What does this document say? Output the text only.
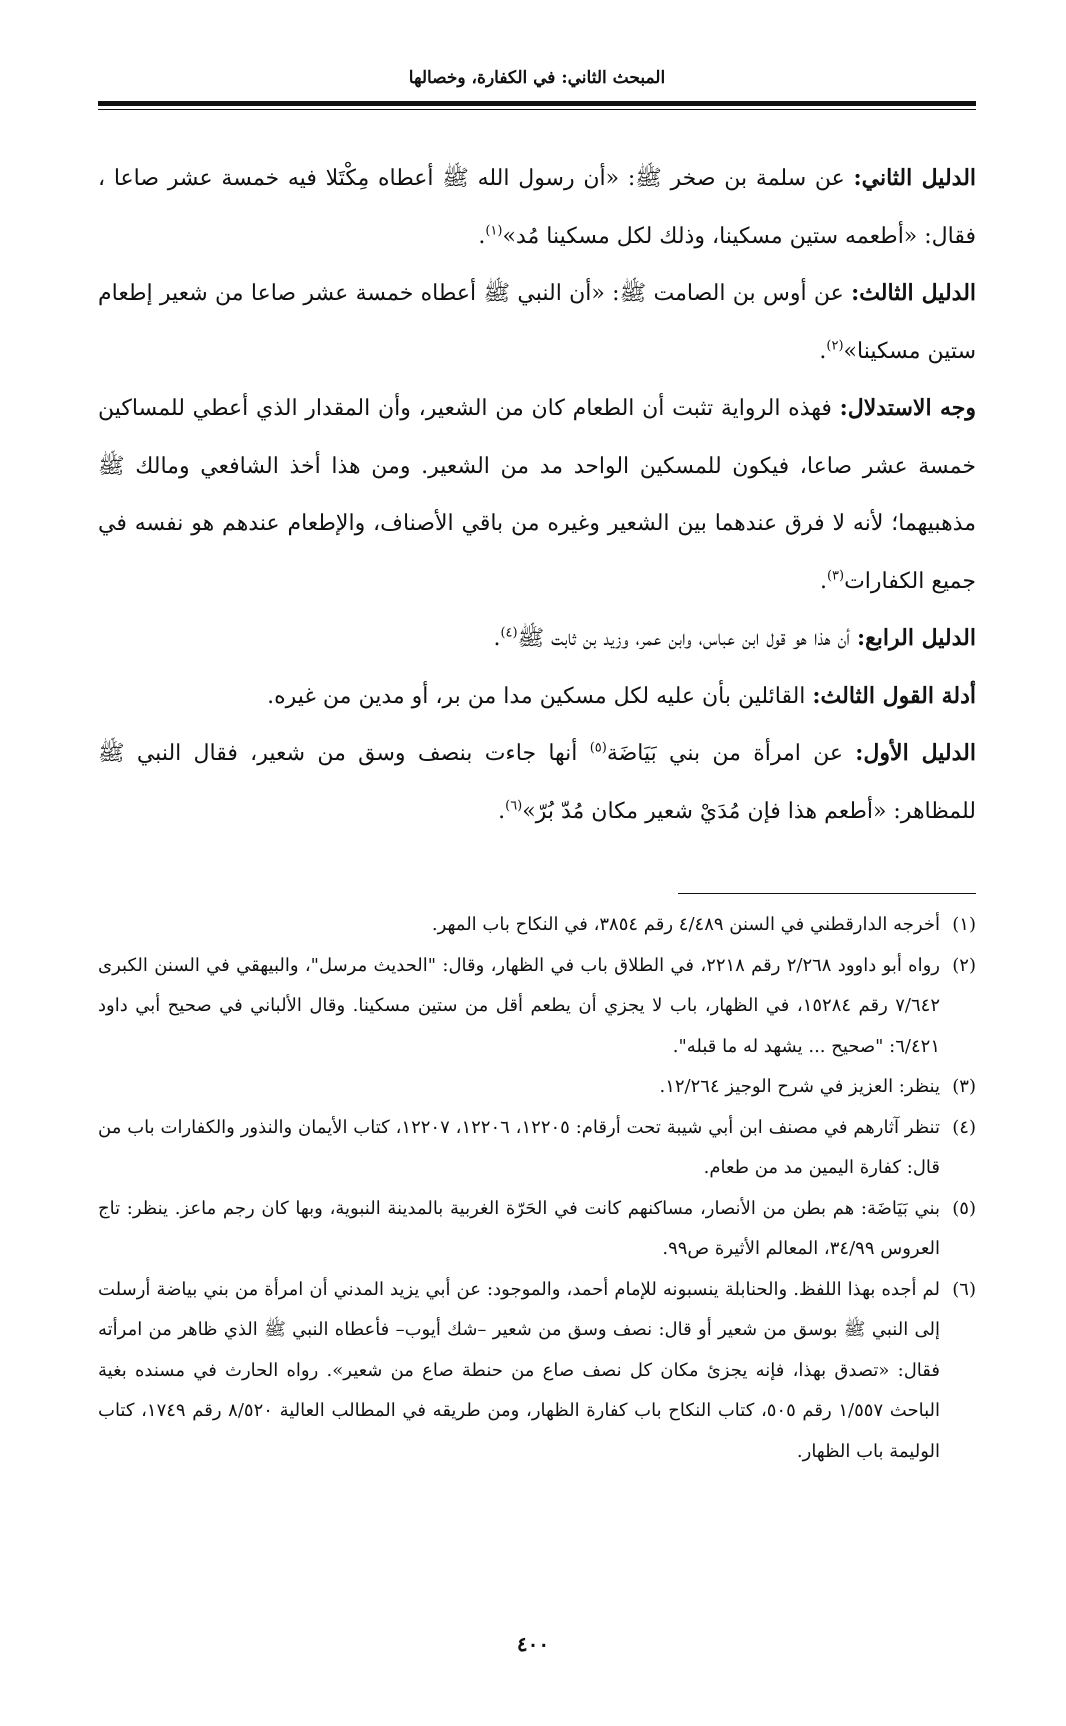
المبحث الثاني: في الكفارة، وخصالها

الدليل الثاني: عن سلمة بن صخر ﷺ: «أن رسول الله ﷺ أعطاه مِكْتَلا فيه خمسة عشر صاعا ، فقال: «أطعمه ستين مسكينا، وذلك لكل مسكينا مُد»$^{(١)}$.

الدليل الثالث: عن أوس بن الصامت ﷺ: «أن النبي ﷺ أعطاه خمسة عشر صاعا من شعير إطعام ستين مسكينا»$^{(٢)}$.

وجه الاستدلال: فهذه الرواية تثبت أن الطعام كان من الشعير، وأن المقدار الذي أعطي للمساكين خمسة عشر صاعا، فيكون للمسكين الواحد مد من الشعير. ومن هذا أخذ الشافعي ومالك ﷺ مذهبيهما؛ لأنه لا فرق عندهما بين الشعير وغيره من باقي الأصناف، والإطعام عندهم هو نفسه في جميع الكفارات$^{(٣)}$.

الدليل الرابع: أن هذا هو قول ابن عباس، وابن عمر، وزيد بن ثابت ﷺ$^{(٤)}$.

أدلة القول الثالث: القائلين بأن عليه لكل مسكين مدا من بر، أو مدين من غيره.

الدليل الأول: عن امرأة من بني بَيَاضَة$^{(٥)}$ أنها جاءت بنصف وسق من شعير، فقال النبي ﷺ للمظاهر: «أطعم هذا فإن مُدَيْ شعير مكان مُدّ بُرّ»$^{(٦)}$.

(١)
أخرجه الدارقطني في السنن ٤/٤٨٩ رقم ٣٨٥٤، في النكاح باب المهر.

(٢)
رواه أبو داوود ٢/٢٦٨ رقم ٢٢١٨، في الطلاق باب في الظهار، وقال: "الحديث مرسل"، والبيهقي في السنن الكبرى ٧/٦٤٢ رقم ١٥٢٨٤، في الظهار، باب لا يجزي أن يطعم أقل من ستين مسكينا. وقال الألباني في صحيح أبي داود ٦/٤٢١: "صحيح ... يشهد له ما قبله".

(٣)
ينظر: العزيز في شرح الوجيز ١٢/٢٦٤.

(٤)
تنظر آثارهم في مصنف ابن أبي شيبة تحت أرقام: ١٢٢٠٥، ١٢٢٠٦، ١٢٢٠٧، كتاب الأيمان والنذور والكفارات باب من قال: كفارة اليمين مد من طعام.

(٥)
بني بَيَاضَة: هم بطن من الأنصار، مساكنهم كانت في الحَرّة الغربية بالمدينة النبوية، وبها كان رجم ماعز. ينظر: تاج العروس ٣٤/٩٩، المعالم الأثيرة ص٩٩.

(٦)
لم أجده بهذا اللفظ. والحنابلة ينسبونه للإمام أحمد، والموجود: عن أبي يزيد المدني أن امرأة من بني بياضة أرسلت إلى النبي ﷺ بوسق من شعير أو قال: نصف وسق من شعير –شك أيوب– فأعطاه النبي ﷺ الذي ظاهر من امرأته فقال: «تصدق بهذا، فإنه يجزئ مكان كل نصف صاع من حنطة صاع من شعير». رواه الحارث في مسنده بغية الباحث ١/٥٥٧ رقم ٥٠٥، كتاب النكاح باب كفارة الظهار، ومن طريقه في المطالب العالية ٨/٥٢٠ رقم ١٧٤٩، كتاب الوليمة باب الظهار.

٤٠٠
